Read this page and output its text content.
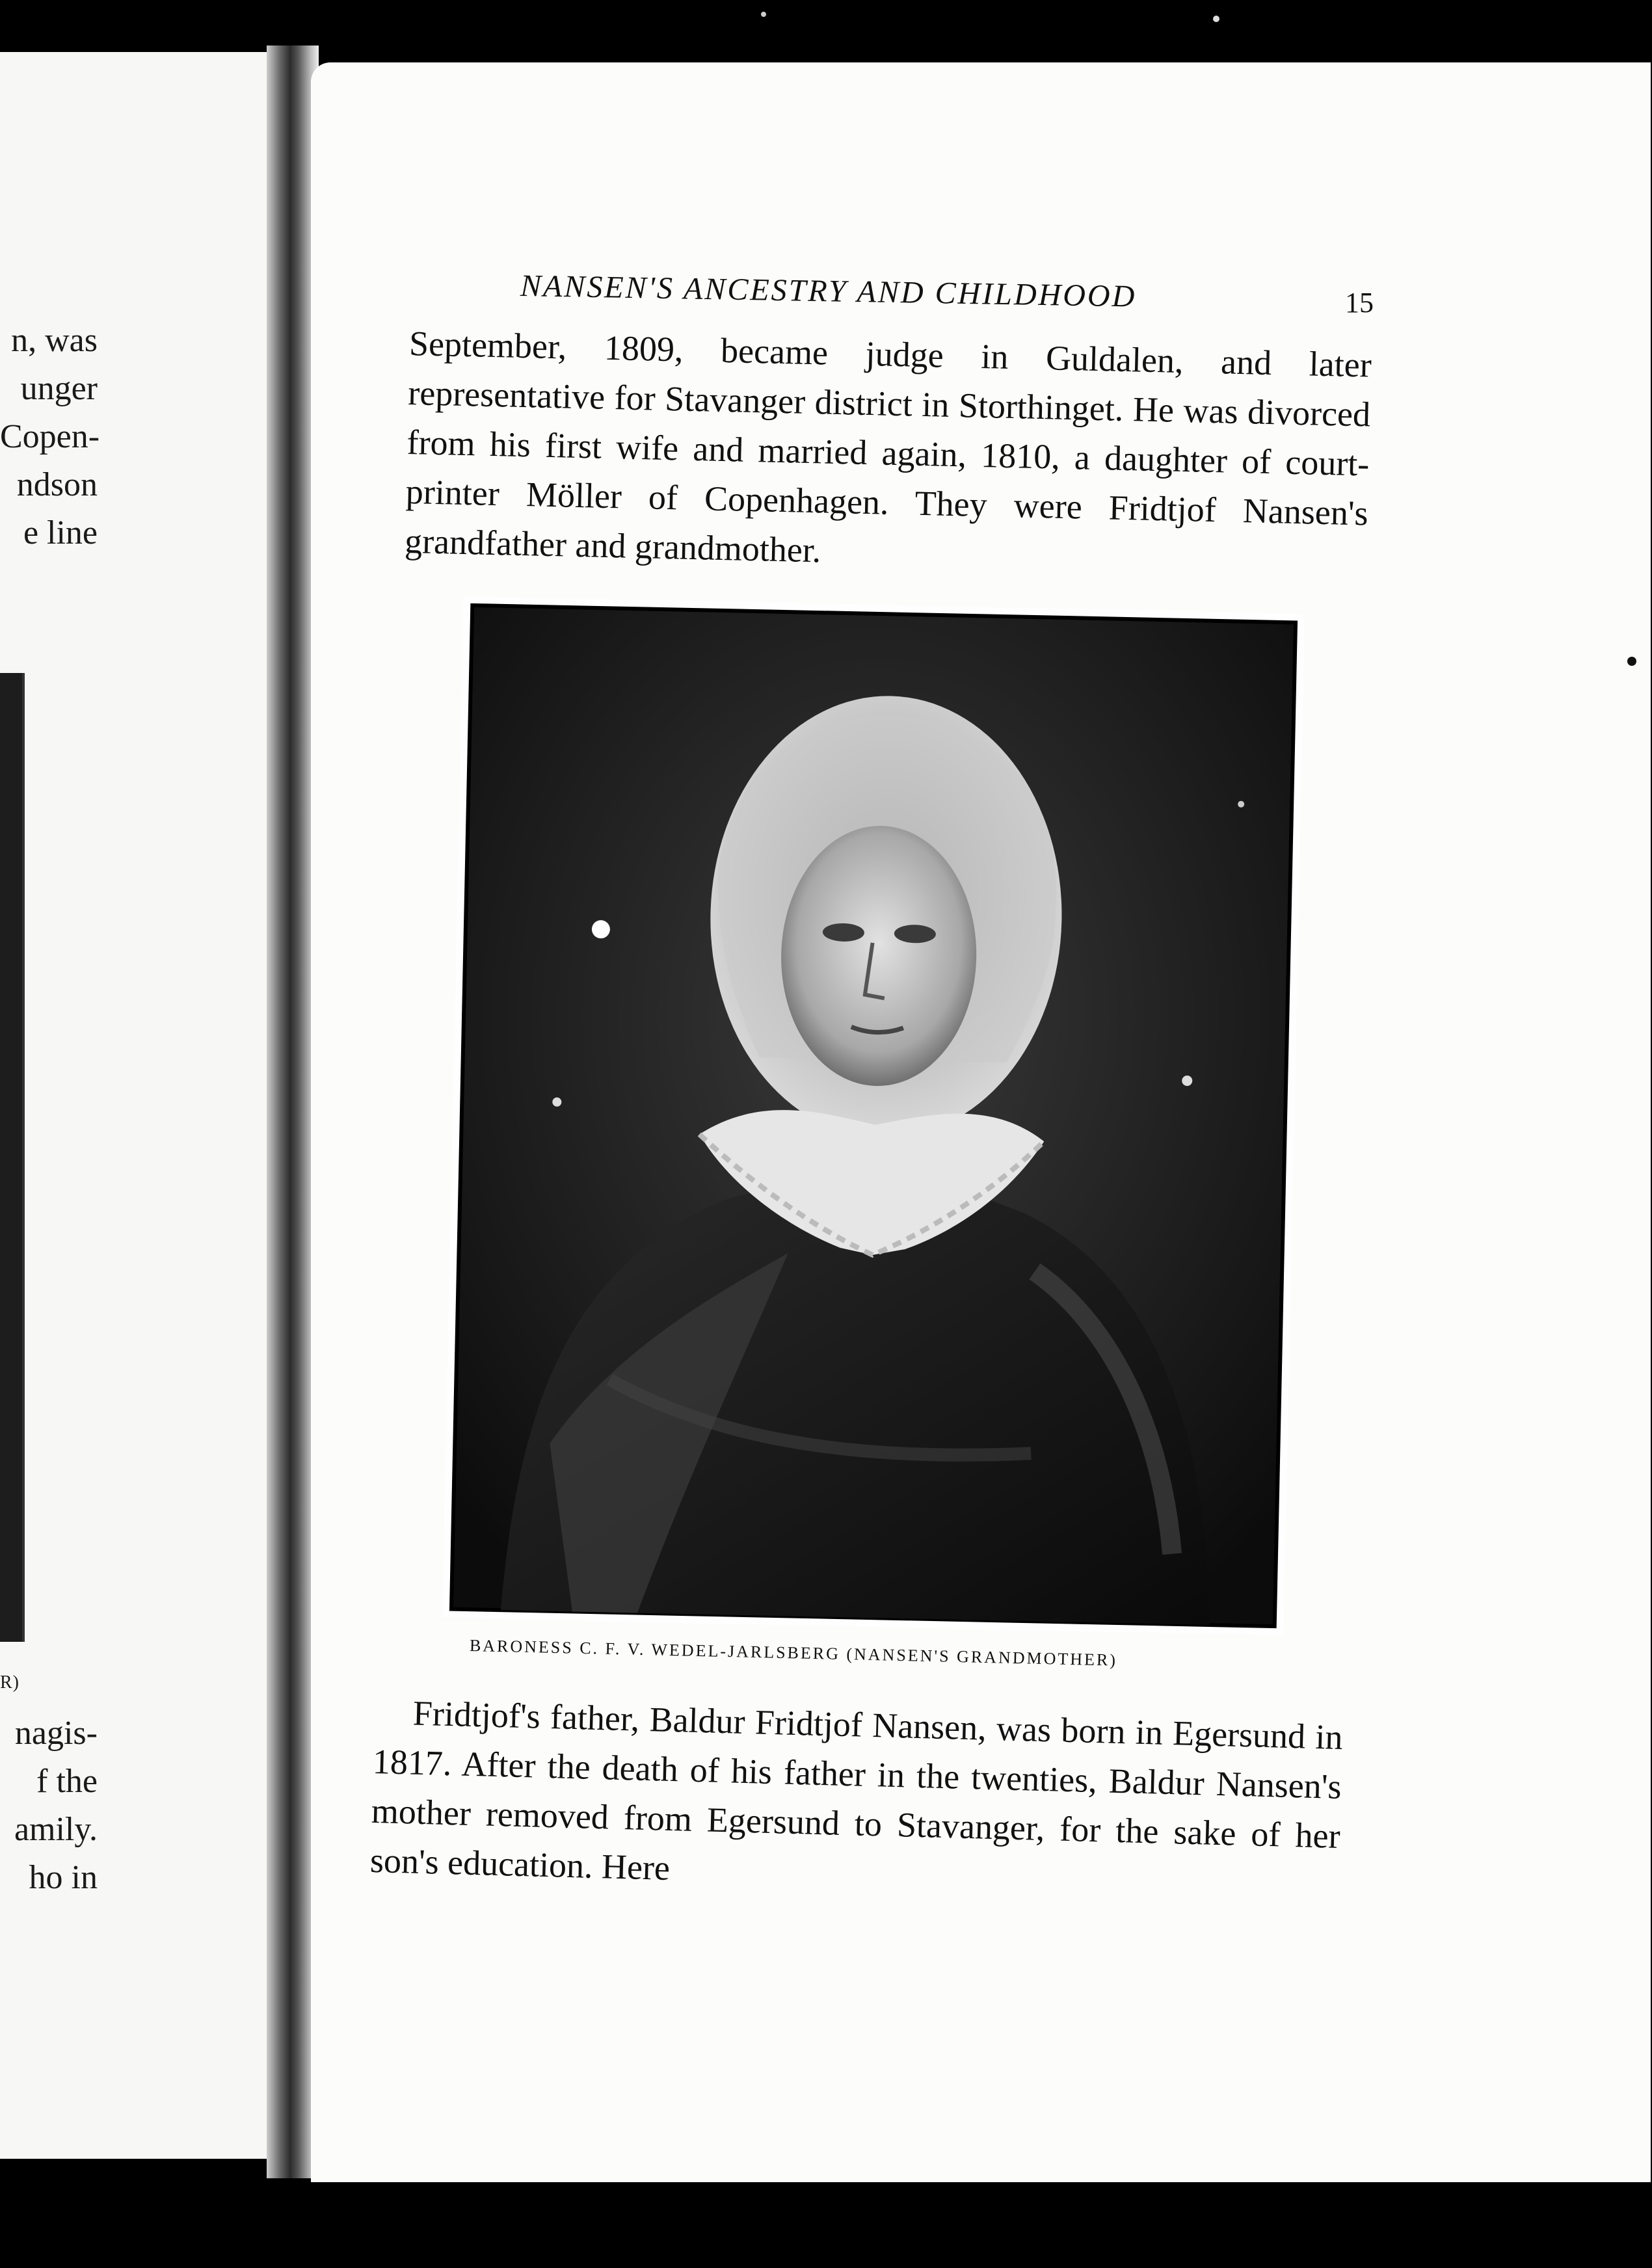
n, was
unger
Copen-
ndson
e line
R)
nagis-
f the
amily.
ho in
NANSEN'S ANCESTRY AND CHILDHOOD	15
September, 1809, became judge in Guldalen, and later representative for Stavanger district in Storthinget. He was divorced from his first wife and married again, 1810, a daughter of court-printer Möller of Copenhagen. They were Fridtjof Nansen's grandfather and grandmother.
BARONESS C. F. V. WEDEL-JARLSBERG (NANSEN'S GRANDMOTHER)
Fridtjof's father, Baldur Fridtjof Nansen, was born in Egersund in 1817. After the death of his father in the twenties, Baldur Nansen's mother removed from Egersund to Stavanger, for the sake of her son's education. Here
